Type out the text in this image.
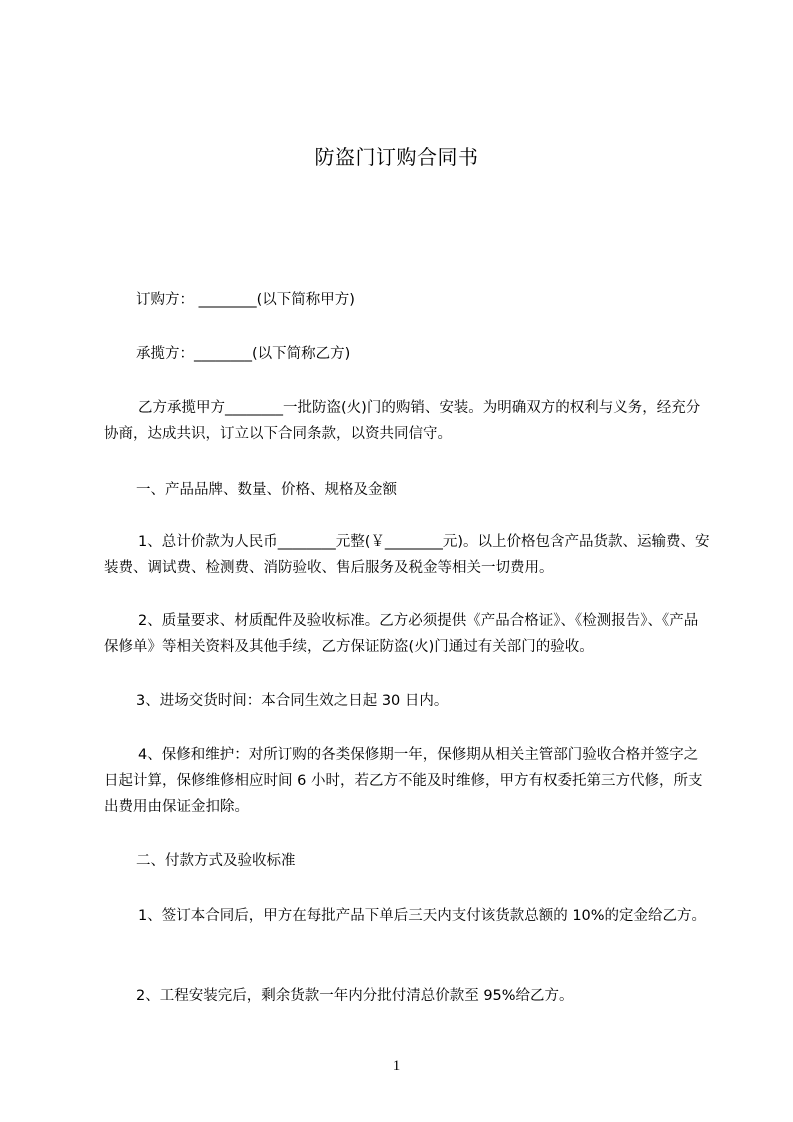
防盗门订购合同书

订购方： ________(以下简称甲方)

承揽方：________(以下简称乙方)

乙方承揽甲方________一批防盗(火)门的购销、安装。为明确双方的权利与义务，经充分协商，达成共识，订立以下合同条款，以资共同信守。

一、产品品牌、数量、价格、规格及金额

1、总计价款为人民币________元整(￥________元)。以上价格包含产品货款、运输费、安装费、调试费、检测费、消防验收、售后服务及税金等相关一切费用。

2、质量要求、材质配件及验收标准。乙方必须提供《产品合格证》、《检测报告》、《产品保修单》等相关资料及其他手续，乙方保证防盗(火)门通过有关部门的验收。

3、进场交货时间：本合同生效之日起 30 日内。

4、保修和维护：对所订购的各类保修期一年，保修期从相关主管部门验收合格并签字之日起计算，保修维修相应时间 6 小时，若乙方不能及时维修，甲方有权委托第三方代修，所支出费用由保证金扣除。

二、付款方式及验收标准

1、签订本合同后，甲方在每批产品下单后三天内支付该货款总额的 10%的定金给乙方。

2、工程安装完后，剩余货款一年内分批付清总价款至 95%给乙方。

1
